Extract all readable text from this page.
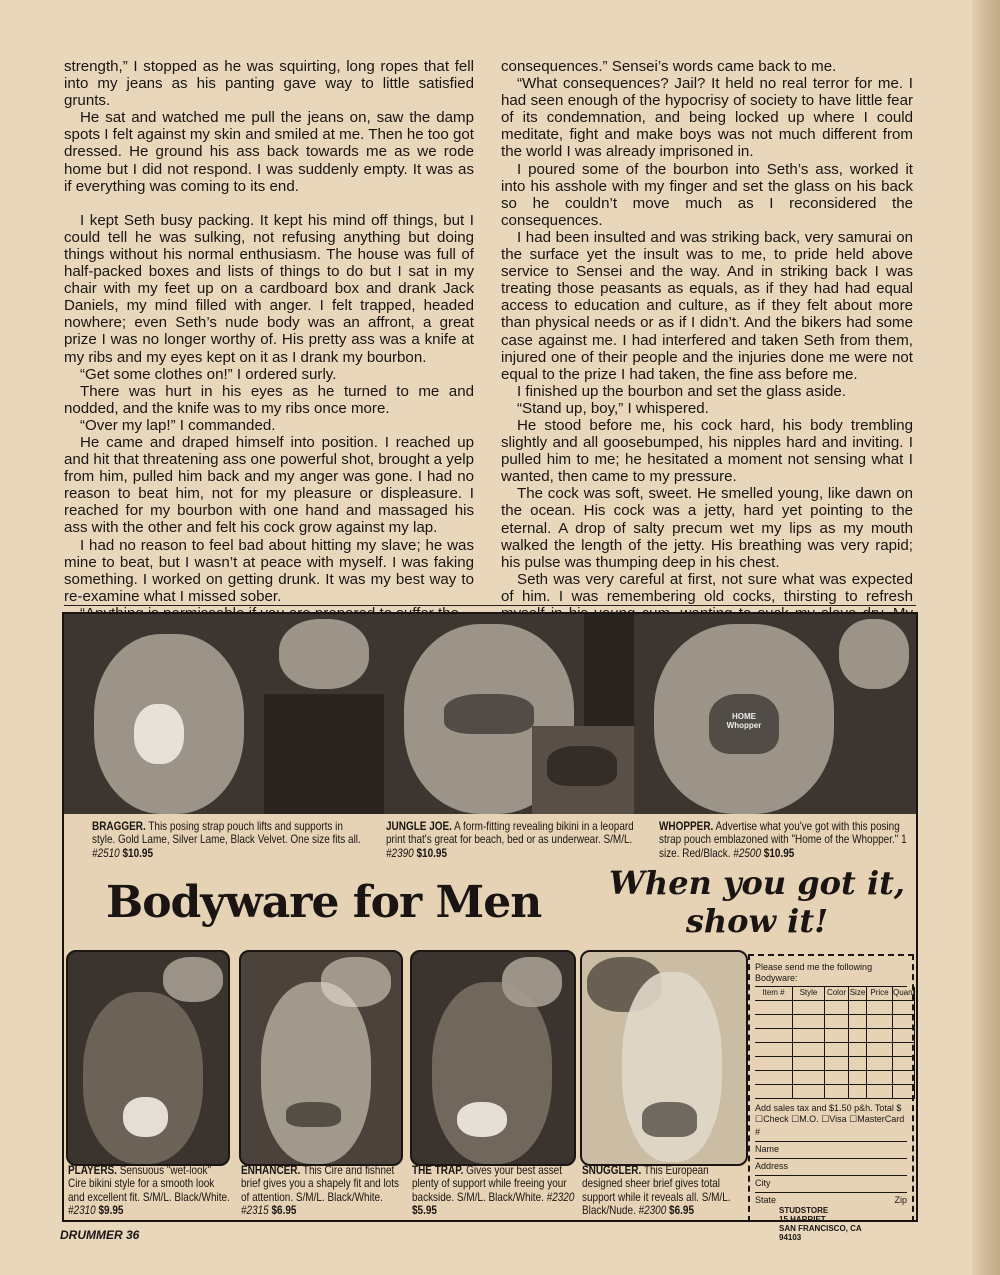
strength,” I stopped as he was squirting, long ropes that fell into my jeans as his panting gave way to little satisfied grunts.

He sat and watched me pull the jeans on, saw the damp spots I felt against my skin and smiled at me. Then he too got dressed. He ground his ass back towards me as we rode home but I did not respond. I was suddenly empty. It was as if everything was coming to its end.

I kept Seth busy packing. It kept his mind off things, but I could tell he was sulking, not refusing anything but doing things without his normal enthusiasm. The house was full of half-packed boxes and lists of things to do but I sat in my chair with my feet up on a cardboard box and drank Jack Daniels, my mind filled with anger. I felt trapped, headed nowhere; even Seth’s nude body was an affront, a great prize I was no longer worthy of. His pretty ass was a knife at my ribs and my eyes kept on it as I drank my bourbon.

“Get some clothes on!” I ordered surly.

There was hurt in his eyes as he turned to me and nodded, and the knife was to my ribs once more.

“Over my lap!” I commanded.

He came and draped himself into position. I reached up and hit that threatening ass one powerful shot, brought a yelp from him, pulled him back and my anger was gone. I had no reason to beat him, not for my pleasure or displeasure. I reached for my bourbon with one hand and massaged his ass with the other and felt his cock grow against my lap.

I had no reason to feel bad about hitting my slave; he was mine to beat, but I wasn’t at peace with myself. I was faking something. I worked on getting drunk. It was my best way to re-examine what I missed sober.

consequences.” Sensei’s words came back to me.

“What consequences? Jail? It held no real terror for me. I had seen enough of the hypocrisy of society to have little fear of its condemnation, and being locked up where I could meditate, fight and make boys was not much different from the world I was already imprisoned in.

I poured some of the bourbon into Seth’s ass, worked it into his asshole with my finger and set the glass on his back so he couldn’t move much as I reconsidered the consequences.

I had been insulted and was striking back, very samurai on the surface yet the insult was to me, to pride held above service to Sensei and the way. And in striking back I was treating those peasants as equals, as if they had had equal access to education and culture, as if they felt about more than physical needs or as if I didn’t. And the bikers had some case against me. I had interfered and taken Seth from them, injured one of their people and the injuries done me were not equal to the prize I had taken, the fine ass before me.

I finished up the bourbon and set the glass aside.

“Stand up, boy,” I whispered.

He stood before me, his cock hard, his body trembling slightly and all goosebumped, his nipples hard and inviting. I pulled him to me; he hesitated a moment not sensing what I wanted, then came to my pressure.

The cock was soft, sweet. He smelled young, like dawn on the ocean. His cock was a jetty, hard yet pointing to the eternal. A drop of salty precum wet my lips as my mouth walked the length of the jetty. His breathing was very rapid; his pulse was thumping deep in his chest.

Seth was very careful at first, not sure what was expected of him. I was remembering old cocks, thirsting to refresh

HOME Whopper
BRAGGER. This posing strap pouch lifts and supports in style. Gold Lame, Silver Lame, Black Velvet. One size fits all. #2510 $10.95
JUNGLE JOE. A form-fitting revealing bikini in a leopard print that's great for beach, bed or as underwear. S/M/L. #2390 $10.95
WHOPPER. Advertise what you've got with this posing strap pouch emblazoned with "Home of the Whopper." 1 size. Red/Black. #2500 $10.95
Bodyware for Men	When you got it, show it!
PLAYERS. Sensuous "wet-look" Cire bikini style for a smooth look and excellent fit. S/M/L. Black/White. #2310 $9.95
ENHANCER. This Cire and fishnet brief gives you a shapely fit and lots of attention. S/M/L. Black/White. #2315 $6.95
THE TRAP. Gives your best asset plenty of support while freeing your backside. S/M/L. Black/White. #2320 $5.95
SNUGGLER. This European designed sheer brief gives total support while it reveals all. S/M/L. Black/Nude. #2300 $6.95
Please send me the following Bodyware:
Item #	Style	Color Size Price Quant
Add sales tax and $1.50 p&h. Total $
☐Check ☐M.O. ☐Visa ☐MasterCard
#
Name
Address
City
State	Zip
STUDSTORE
15 HARRIET
SAN FRANCISCO, CA
94103
DRUMMER 36
